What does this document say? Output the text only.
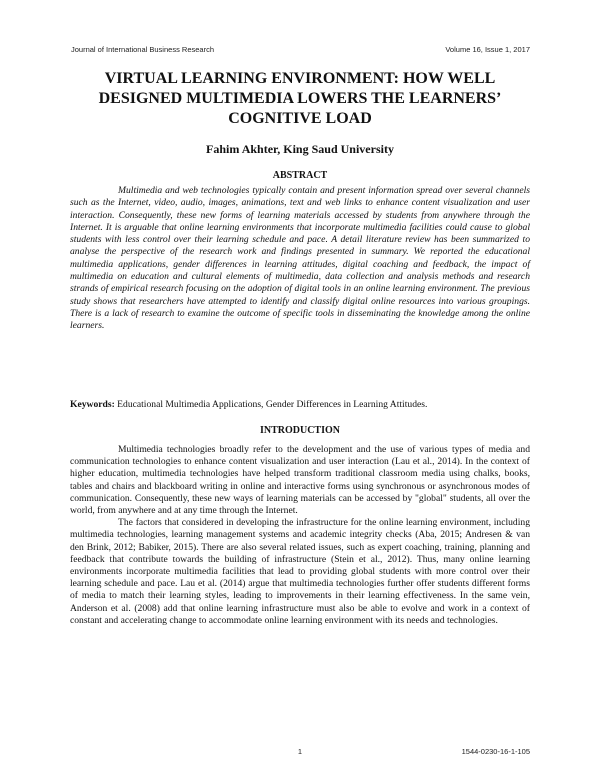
Journal of International Business Research	Volume 16, Issue 1, 2017
VIRTUAL LEARNING ENVIRONMENT: HOW WELL
DESIGNED MULTIMEDIA LOWERS THE LEARNERS’
COGNITIVE LOAD

Fahim Akhter, King Saud University

ABSTRACT

Multimedia and web technologies typically contain and present information spread over several channels such as the Internet, video, audio, images, animations, text and web links to enhance content visualization and user interaction. Consequently, these new forms of learning materials accessed by students from anywhere through the Internet. It is arguable that online learning environments that incorporate multimedia facilities could cause to global students with less control over their learning schedule and pace. A detail literature review has been summarized to analyse the perspective of the research work and findings presented in summary. We reported the educational multimedia applications, gender differences in learning attitudes, digital coaching and feedback, the impact of multimedia on education and cultural elements of multimedia, data collection and analysis methods and research strands of empirical research focusing on the adoption of digital tools in an online learning environment. The previous study shows that researchers have attempted to identify and classify digital online resources into various groupings. There is a lack of research to examine the outcome of specific tools in disseminating the knowledge among the online learners.

Keywords: Educational Multimedia Applications, Gender Differences in Learning Attitudes.

INTRODUCTION

Multimedia technologies broadly refer to the development and the use of various types of media and communication technologies to enhance content visualization and user interaction (Lau et al., 2014). In the context of higher education, multimedia technologies have helped transform traditional classroom media using chalks, books, tables and chairs and blackboard writing in online and interactive forms using synchronous or asynchronous modes of communication. Consequently, these new ways of learning materials can be accessed by "global" students, all over the world, from anywhere and at any time through the Internet.

The factors that considered in developing the infrastructure for the online learning environment, including multimedia technologies, learning management systems and academic integrity checks (Aba, 2015; Andresen & van den Brink, 2012; Babiker, 2015). There are also several related issues, such as expert coaching, training, planning and feedback that contribute towards the building of infrastructure (Stein et al., 2012). Thus, many online learning environments incorporate multimedia facilities that lead to providing global students with more control over their learning schedule and pace. Lau et al. (2014) argue that multimedia technologies further offer students different forms of media to match their learning styles, leading to improvements in their learning effectiveness. In the same vein, Anderson et al. (2008) add that online learning infrastructure must also be able to evolve and work in a context of constant and accelerating change to accommodate online learning environment with its needs and technologies.

1	1544-0230-16-1-105
